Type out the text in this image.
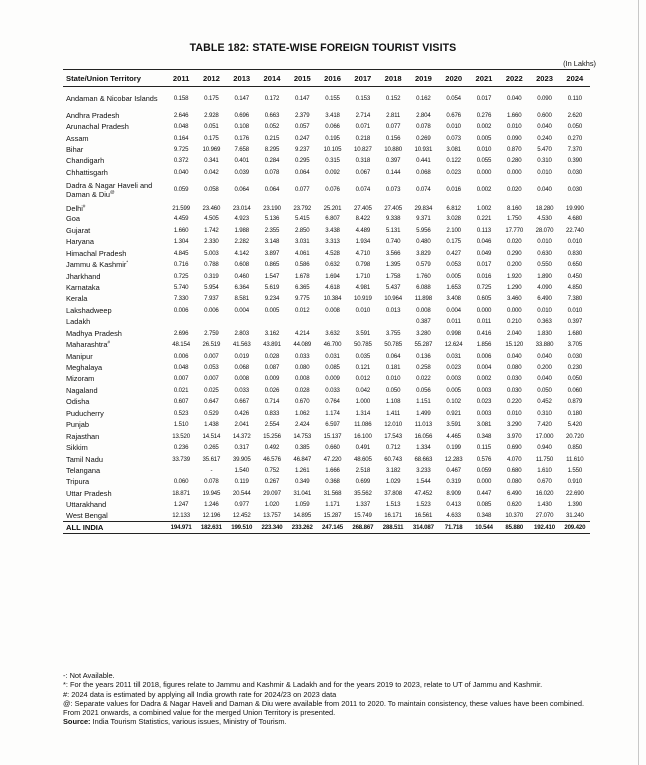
TABLE 182: STATE-WISE FOREIGN TOURIST VISITS
(In Lakhs)
State/Union Territory	2011	2012	2013	2014	2015	2016	2017	2018	2019	2020	2021	2022	2023	2024
Andaman & Nicobar Islands	0.158	0.175	0.147	0.172	0.147	0.155	0.153	0.152	0.162	0.054	0.017	0.040	0.090	0.110
Andhra Pradesh	2.646	2.928	0.696	0.663	2.379	3.418	2.714	2.811	2.804	0.676	0.276	1.660	0.600	2.620
Arunachal Pradesh	0.048	0.051	0.108	0.052	0.057	0.066	0.071	0.077	0.078	0.010	0.002	0.010	0.040	0.050
Assam	0.164	0.175	0.176	0.215	0.247	0.195	0.218	0.156	0.269	0.073	0.005	0.090	0.240	0.270
Bihar	9.725	10.969	7.658	8.295	9.237	10.105	10.827	10.880	10.931	3.081	0.010	0.870	5.470	7.370
Chandigarh	0.372	0.341	0.401	0.284	0.295	0.315	0.318	0.397	0.441	0.122	0.055	0.280	0.310	0.390
Chhattisgarh	0.040	0.042	0.039	0.078	0.064	0.092	0.067	0.144	0.068	0.023	0.000	0.000	0.010	0.030
Dadra & Nagar Haveli and Daman & Diu@	0.059	0.058	0.064	0.064	0.077	0.076	0.074	0.073	0.074	0.016	0.002	0.020	0.040	0.030
Delhi#	21.599	23.460	23.014	23.190	23.792	25.201	27.405	27.405	29.834	6.812	1.002	8.160	18.280	19.990
Goa	4.459	4.505	4.923	5.136	5.415	6.807	8.422	9.338	9.371	3.028	0.221	1.750	4.530	4.680
Gujarat	1.660	1.742	1.988	2.355	2.850	3.438	4.489	5.131	5.956	2.100	0.113	17.770	28.070	22.740
Haryana	1.304	2.330	2.282	3.148	3.031	3.313	1.934	0.740	0.480	0.175	0.046	0.020	0.010	0.010
Himachal Pradesh	4.845	5.003	4.142	3.897	4.061	4.528	4.710	3.566	3.829	0.427	0.049	0.290	0.630	0.830
Jammu & Kashmir*	0.716	0.788	0.608	0.865	0.586	0.632	0.798	1.395	0.579	0.053	0.017	0.200	0.550	0.650
Jharkhand	0.725	0.319	0.460	1.547	1.678	1.694	1.710	1.758	1.760	0.005	0.016	1.920	1.890	0.450
Karnataka	5.740	5.954	6.364	5.619	6.365	4.618	4.981	5.437	6.088	1.653	0.725	1.290	4.090	4.850
Kerala	7.330	7.937	8.581	9.234	9.775	10.384	10.919	10.964	11.898	3.408	0.605	3.460	6.490	7.380
Lakshadweep	0.006	0.006	0.004	0.005	0.012	0.008	0.010	0.013	0.008	0.004	0.000	0.000	0.010	0.010
Ladakh									0.387	0.011	0.011	0.210	0.363	0.397
Madhya Pradesh	2.696	2.759	2.803	3.162	4.214	3.632	3.591	3.755	3.280	0.998	0.416	2.040	1.830	1.680
Maharashtra#	48.154	26.519	41.563	43.891	44.089	46.700	50.785	50.785	55.287	12.624	1.856	15.120	33.880	3.705
Manipur	0.006	0.007	0.019	0.028	0.033	0.031	0.035	0.064	0.136	0.031	0.006	0.040	0.040	0.030
Meghalaya	0.048	0.053	0.068	0.087	0.080	0.085	0.121	0.181	0.258	0.023	0.004	0.080	0.200	0.230
Mizoram	0.007	0.007	0.008	0.009	0.008	0.009	0.012	0.010	0.022	0.003	0.002	0.030	0.040	0.050
Nagaland	0.021	0.025	0.033	0.026	0.028	0.033	0.042	0.050	0.056	0.005	0.003	0.030	0.050	0.060
Odisha	0.607	0.647	0.667	0.714	0.670	0.764	1.000	1.108	1.151	0.102	0.023	0.220	0.452	0.879
Puducherry	0.523	0.529	0.426	0.833	1.062	1.174	1.314	1.411	1.499	0.921	0.003	0.010	0.310	0.180
Punjab	1.510	1.438	2.041	2.554	2.424	6.597	11.086	12.010	11.013	3.591	3.081	3.290	7.420	5.420
Rajasthan	13.520	14.514	14.372	15.256	14.753	15.137	16.100	17.543	16.056	4.465	0.348	3.970	17.000	20.720
Sikkim	0.236	0.265	0.317	0.492	0.385	0.660	0.491	0.712	1.334	0.199	0.115	0.690	0.940	0.850
Tamil Nadu	33.739	35.617	39.905	46.576	46.847	47.220	48.605	60.743	68.663	12.283	0.576	4.070	11.750	11.610
Telangana		-	1.540	0.752	1.261	1.666	2.518	3.182	3.233	0.467	0.059	0.680	1.610	1.550
Tripura	0.060	0.078	0.119	0.267	0.349	0.368	0.699	1.029	1.544	0.319	0.000	0.080	0.670	0.910
Uttar Pradesh	18.871	19.945	20.544	29.097	31.041	31.568	35.562	37.808	47.452	8.909	0.447	6.490	16.020	22.690
Uttarakhand	1.247	1.246	0.977	1.020	1.059	1.171	1.337	1.513	1.523	0.413	0.085	0.620	1.430	1.390
West Bengal	12.133	12.196	12.452	13.757	14.895	15.287	15.749	16.171	16.561	4.633	0.348	10.370	27.070	31.240
ALL INDIA	194.971	182.631	199.510	223.340	233.262	247.145	268.867	288.511	314.087	71.718	10.544	85.880	192.410	209.420
-: Not Available.
*: For the years 2011 till 2018, figures relate to Jammu and Kashmir & Ladakh and for the years 2019 to 2023, relate to UT of Jammu and Kashmir.
#: 2024 data is estimated by applying all India growth rate for 2024/23 on 2023 data
@: Separate values for Dadra & Nagar Haveli and Daman & Diu were available from 2011 to 2020. To maintain consistency, these values have been combined. From 2021 onwards, a combined value for the merged Union Territory is presented.
Source: India Tourism Statistics, various issues, Ministry of Tourism.
